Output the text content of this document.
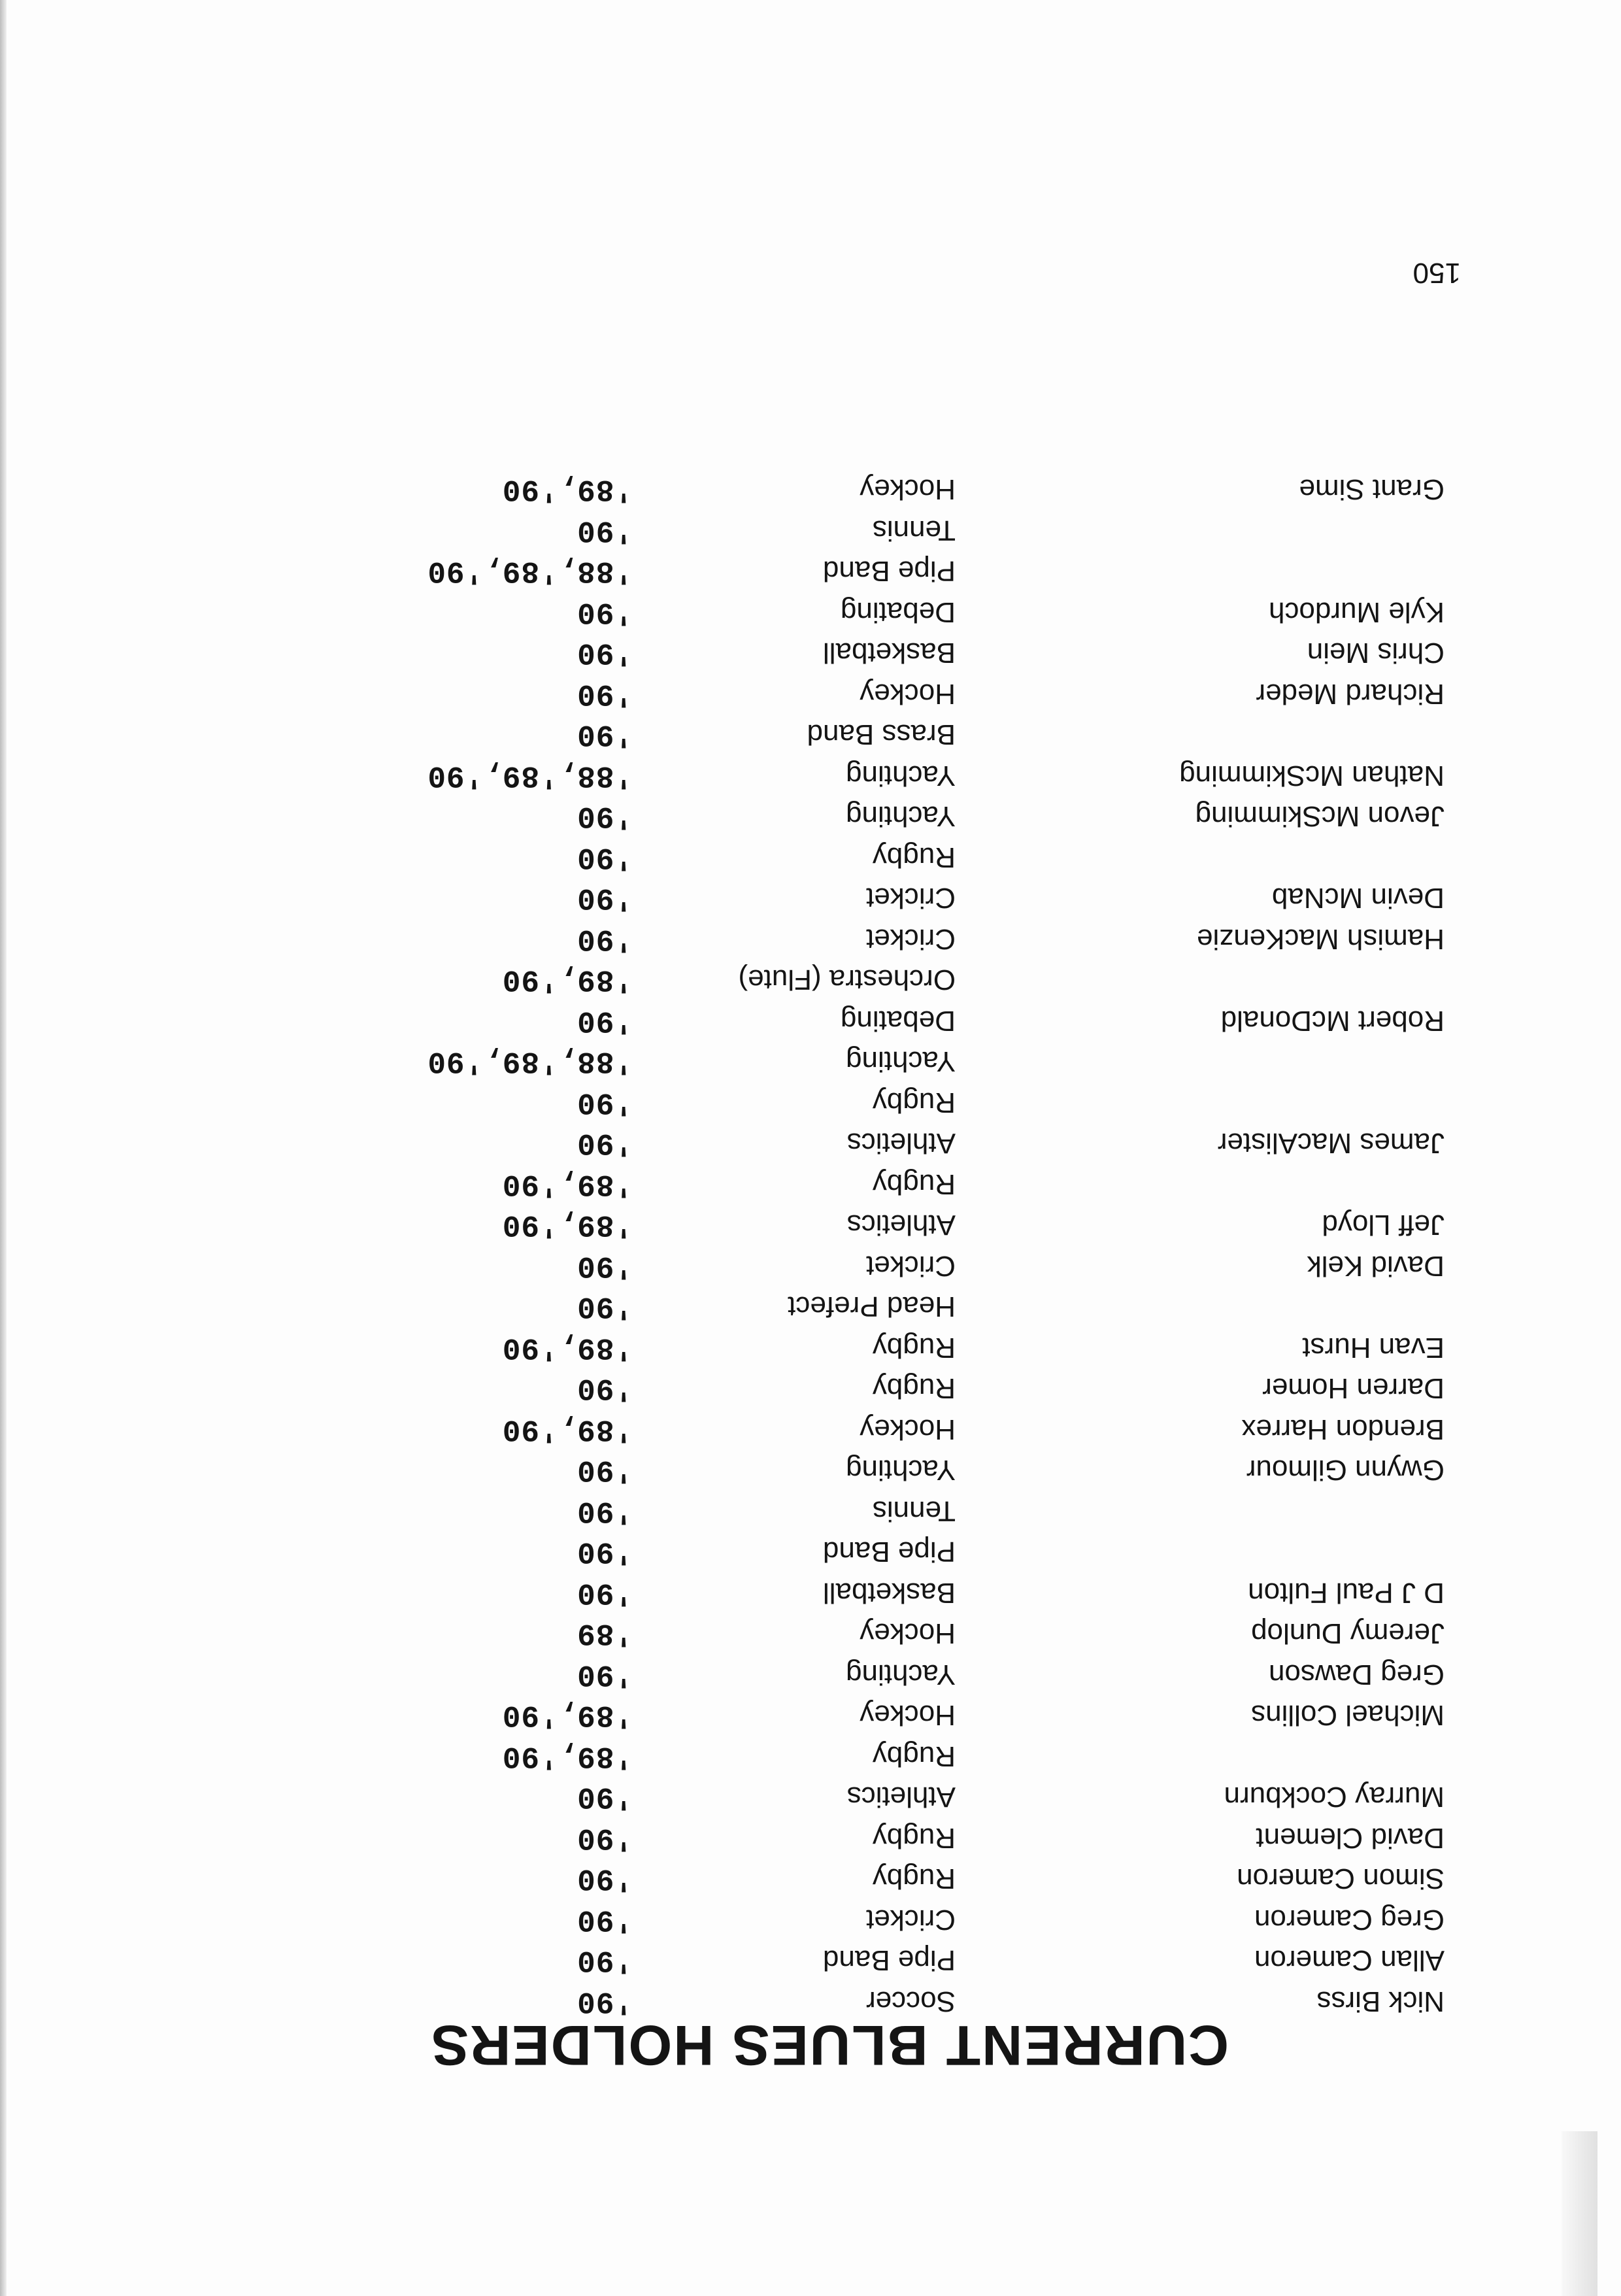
CURRENT BLUES HOLDERS
Nick Birss
Soccer
'90
Allan Cameron
Pipe Band
'90
Greg Cameron
Cricket
'90
Simon Cameron
Rugby
'90
David Clement
Rugby
'90
Murray Cockburn
Athletics
'90
Rugby
'89,'90
Michael Collins
Hockey
'89,'90
Greg Dawson
Yachting
'90
Jeremy Dunlop
Hockey
'89
D J Paul Fulton
Basketball
'90
Pipe Band
'90
Tennis
'90
Gwynn Gilmour
Yachting
'90
Brendon Harrex
Hockey
'89,'90
Darren Homer
Rugby
'90
Evan Hurst
Rugby
'89,'90
Head Prefect
'90
David Kelk
Cricket
'90
Jeff Lloyd
Athletics
'89,'90
Rugby
'89,'90
James MacAlister
Athletics
'90
Rugby
'90
Yachting
'88,'89,'90
Robert McDonald
Debating
'90
Orchestra (Flute)
'89,'90
Hamish MacKenzie
Cricket
'90
Devin McNab
Cricket
'90
Rugby
'90
Jevon McSkimming
Yachting
'90
Nathan McSkimming
Yachting
'88,'89,'90
Brass Band
'90
Richard Meder
Hockey
'90
Chris Mein
Basketball
'90
Kyle Murdoch
Debating
'90
Pipe Band
'88,'89,'90
Tennis
'90
Grant Sime
Hockey
'89,'90

150
